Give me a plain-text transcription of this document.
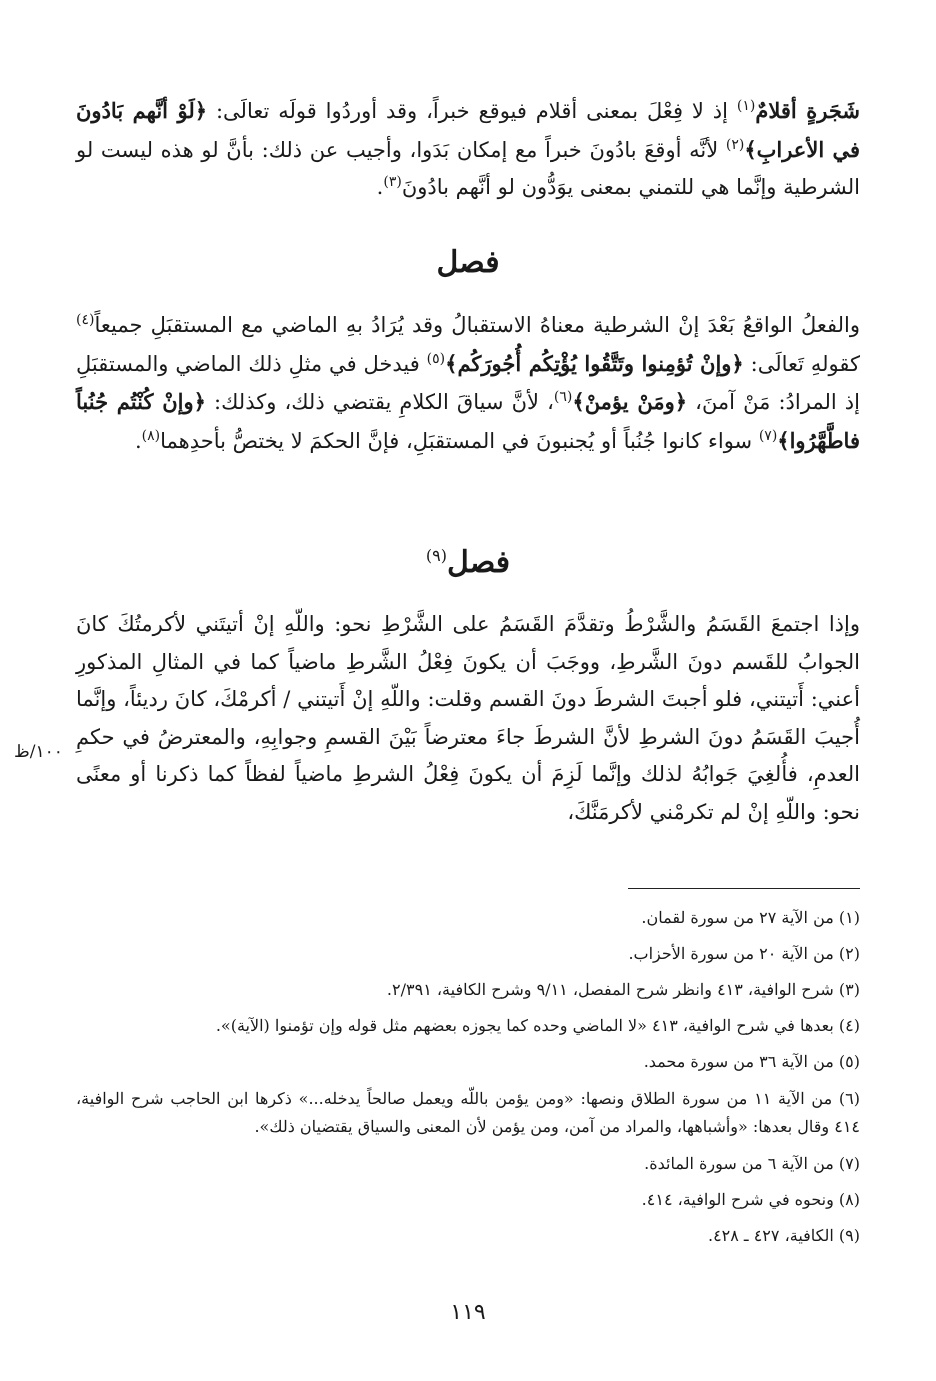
شَجَرةٍ أقلامٌ$^{(١)}$ إذ لا فِعْلَ بمعنى أقلام فيوقع خبراً، وقد أوردُوا قولَه تعالَى: ﴿لَوْ أنَّهم بَادُونَ في الأعرابِ﴾$^{(٢)}$ لأنَّه أوقعَ بادُونَ خبراً مع إمكان بَدَوا، وأجيب عن ذلك: بأنَّ لو هذه ليست لو الشرطية وإنَّما هي للتمني بمعنى يوَدُّون لو أنَّهم بادُونَ$^{(٣)}$.

فصل

والفعلُ الواقعُ بَعْدَ إنْ الشرطية معناهُ الاستقبالُ وقد يُرَادُ بهِ الماضي مع المستقبَلِ جميعاً$^{(٤)}$ كقولهِ تَعالَى: ﴿وإنْ تُؤمِنوا وتَتَّقُوا يُؤْتِكُم أُجُورَكُم﴾$^{(٥)}$ فيدخل في مثلِ ذلك الماضي والمستقبَلِ إذ المرادُ: مَنْ آمنَ، ﴿ومَنْ يؤمنْ﴾$^{(٦)}$، لأنَّ سياقَ الكلامِ يقتضي ذلك، وكذلك: ﴿وإنْ كُنْتُم جُنُباً فاطَّهَّرُوا﴾$^{(٧)}$ سواء كانوا جُنُباً أو يُجنبونَ في المستقبَلِ، فإنَّ الحكمَ لا يختصُّ بأحدِهما$^{(٨)}$.

فصل$^{(٩)}$

وإذا اجتمعَ القَسَمُ والشَّرْطُ وتقدَّمَ القَسَمُ على الشَّرْطِ نحو: واللّهِ إنْ أتيتَني لأكرمتُكَ كانَ الجوابُ للقَسم دونَ الشَّرطِ، ووجَبَ أن يكونَ فِعْلُ الشَّرطِ ماضياً كما في المثالِ المذكورِ أعني: أَتيتني، فلو أجبتَ الشرطَ دونَ القسم وقلت: واللّهِ إنْ أَتيتني / أكرمْكَ، كانَ رديئاً، وإنَّما أُجيبَ القَسَمُ دونَ الشرطِ لأنَّ الشرطَ جاءَ معترضاً بَيْنَ القسمِ وجوابِهِ، والمعترضُ في حكمِ العدمِ، فأُلغِيَ جَوابُهُ لذلك وإنَّما لَزِمَ أن يكونَ فِعْلُ الشرطِ ماضياً لفظاً كما ذكرنا أو معنًى نحو: واللّهِ إنْ لم تكرمْني لأكرمَنَّكَ،

١٠٠/ظ
(١) من الآية ٢٧ من سورة لقمان.
(٢) من الآية ٢٠ من سورة الأحزاب.
(٣) شرح الوافية، ٤١٣ وانظر شرح المفصل، ٩/١١ وشرح الكافية، ٢/٣٩١.
(٤) بعدها في شرح الوافية، ٤١٣ «لا الماضي وحده كما يجوزه بعضهم مثل قوله وإن تؤمنوا (الآية)».
(٥) من الآية ٣٦ من سورة محمد.
(٦) من الآية ١١ من سورة الطلاق ونصها: «ومن يؤمن باللّه ويعمل صالحاً يدخله...» ذكرها ابن الحاجب شرح الوافية، ٤١٤ وقال بعدها: «وأشباهها، والمراد من آمن، ومن يؤمن لأن المعنى والسياق يقتضيان ذلك».
(٧) من الآية ٦ من سورة المائدة.
(٨) ونحوه في شرح الوافية، ٤١٤.
(٩) الكافية، ٤٢٧ ـ ٤٢٨.
١١٩
